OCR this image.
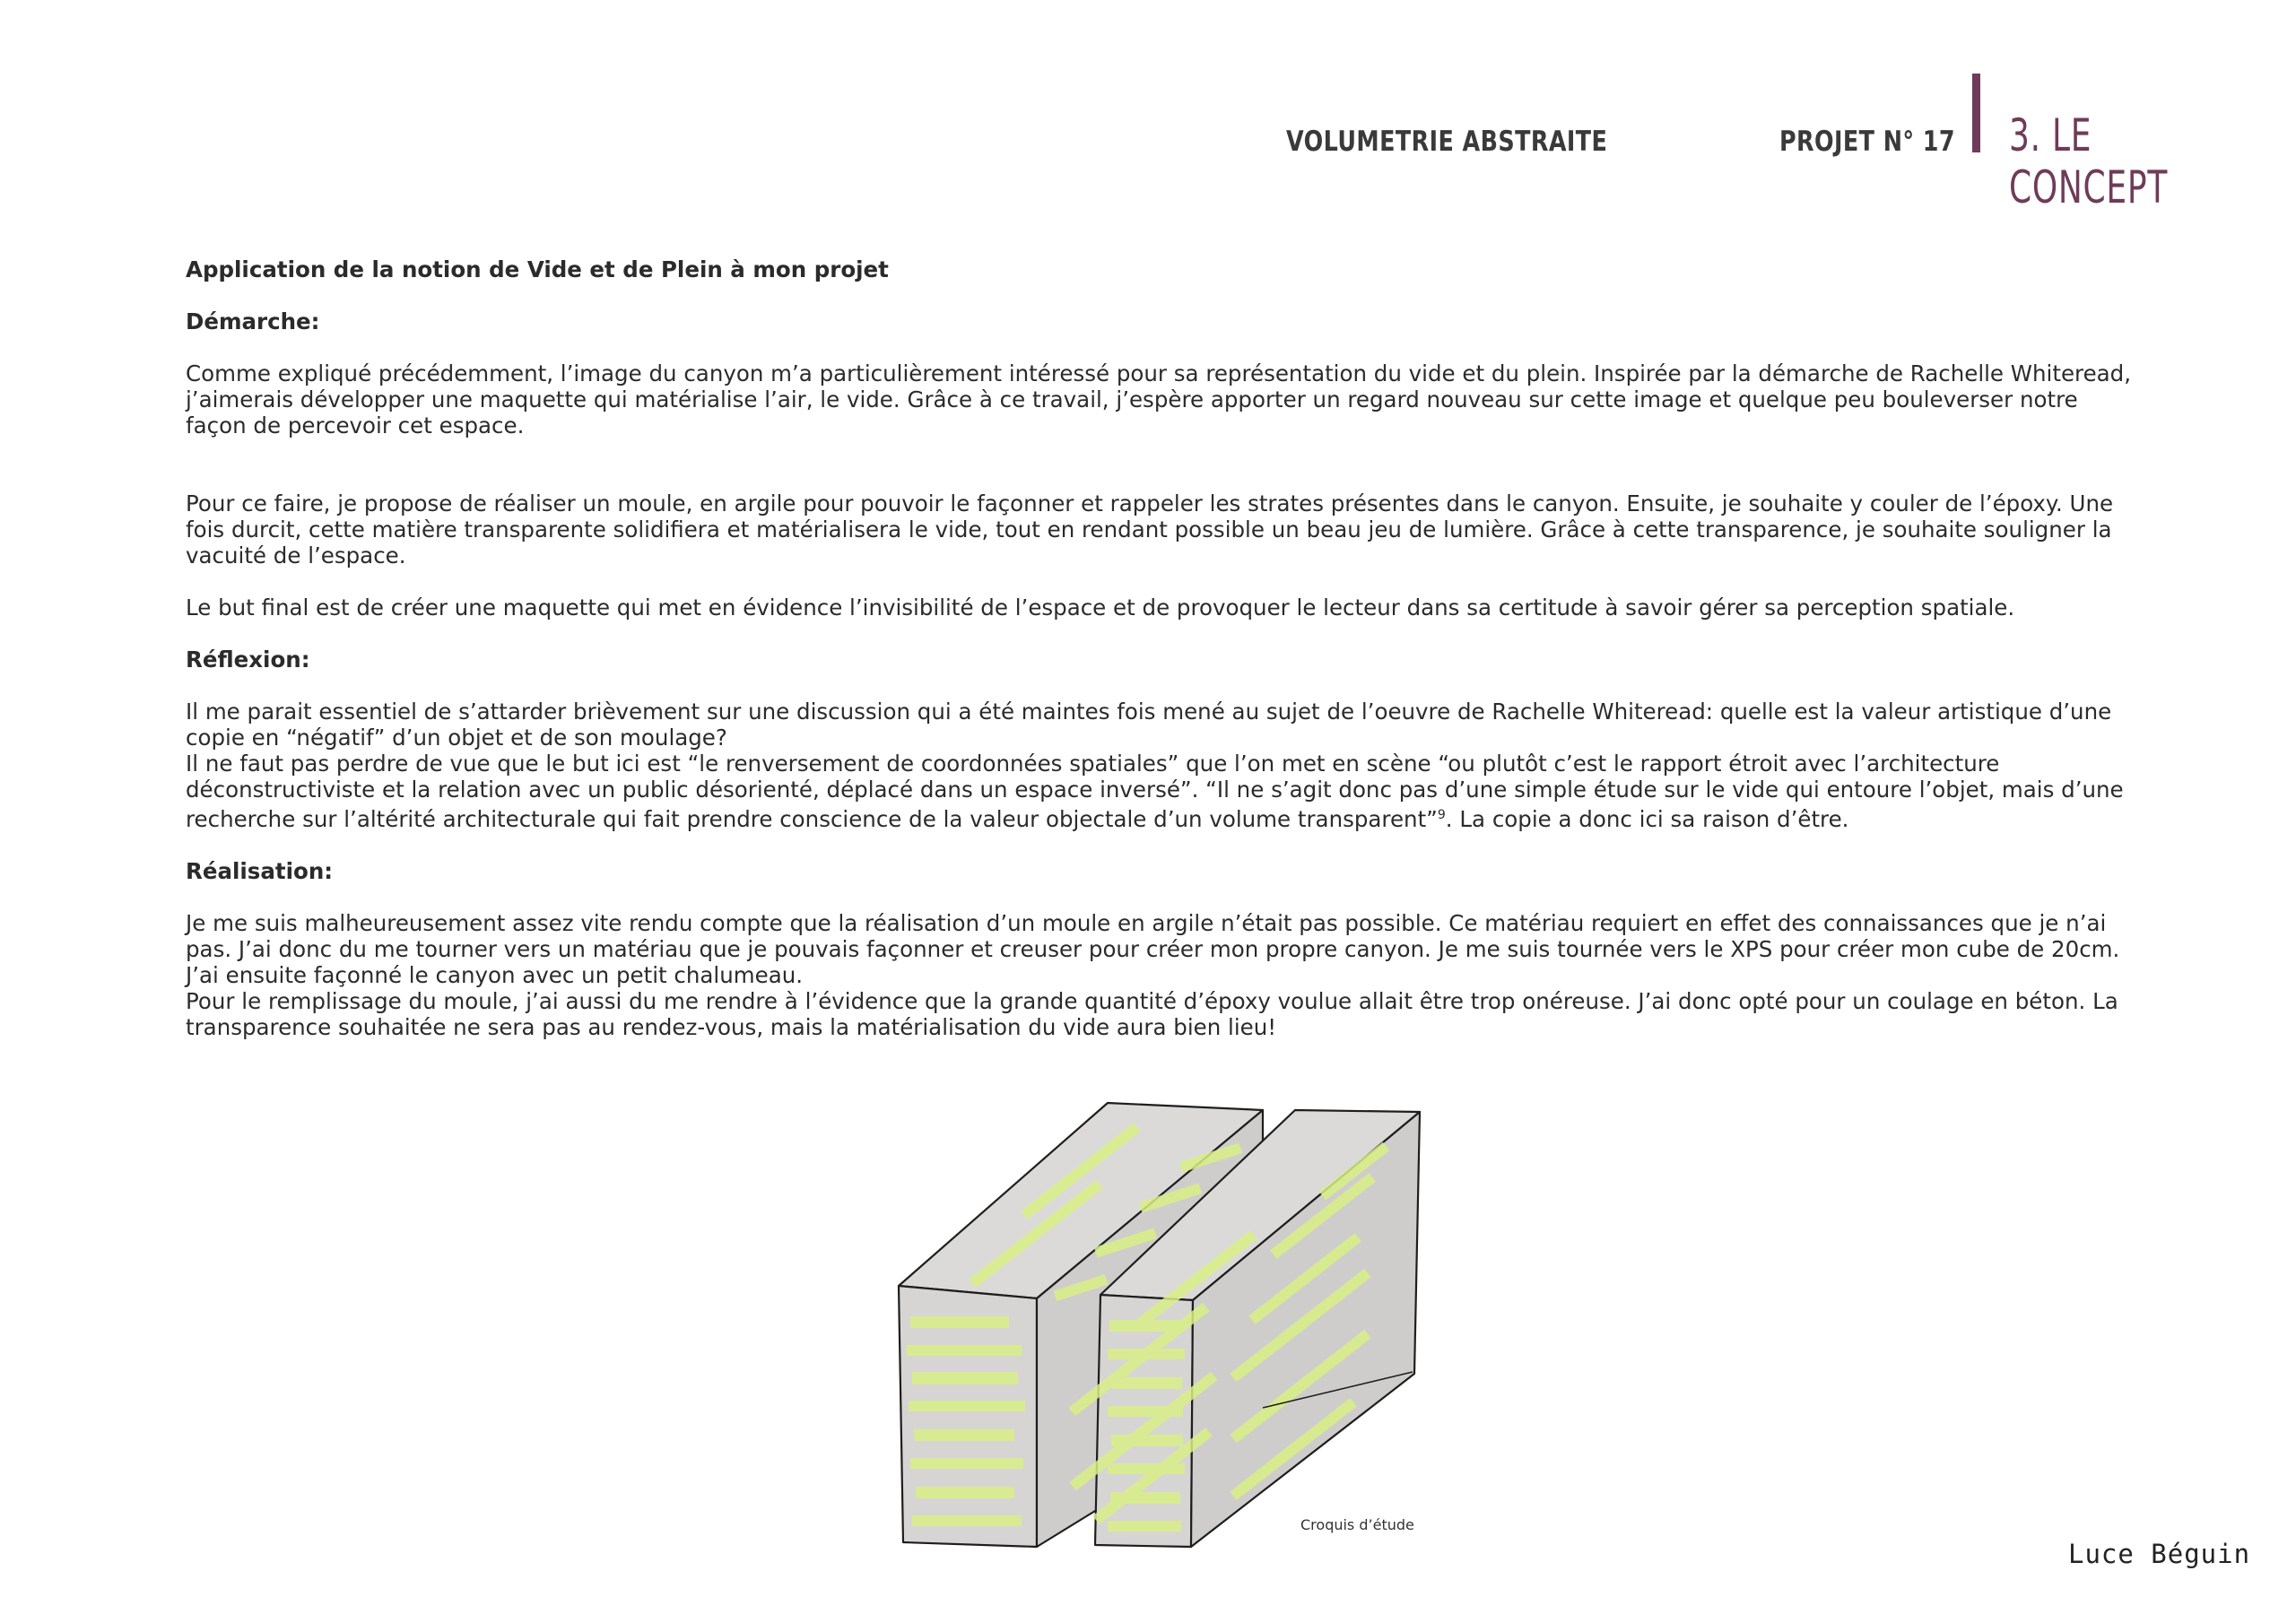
VOLUMETRIE ABSTRAITE	PROJET N° 17 3. LE CONCEPT

Application de la notion de Vide et de Plein à mon projet

Démarche:

Comme expliqué précédemment, l’image du canyon m’a particulièrement intéressé pour sa représentation du vide et du plein. Inspirée par la démarche de Rachelle Whiteread, j’aimerais développer une maquette qui matérialise l’air, le vide. Grâce à ce travail, j’espère apporter un regard nouveau sur cette image et quelque peu bouleverser notre façon de percevoir cet espace.

Pour ce faire, je propose de réaliser un moule, en argile pour pouvoir le façonner et rappeler les strates présentes dans le canyon. Ensuite, je souhaite y couler de l’époxy. Une fois durcit, cette matière transparente solidifiera et matérialisera le vide, tout en rendant possible un beau jeu de lumière. Grâce à cette transparence, je souhaite souligner la vacuité de l’espace.

Le but final est de créer une maquette qui met en évidence l’invisibilité de l’espace et de provoquer le lecteur dans sa certitude à savoir gérer sa perception spatiale.

Réflexion:

Il me parait essentiel de s’attarder brièvement sur une discussion qui a été maintes fois mené au sujet de l’oeuvre de Rachelle Whiteread: quelle est la valeur artistique d’une copie en “négatif” d’un objet et de son moulage?

Il ne faut pas perdre de vue que le but ici est “le renversement de coordonnées spatiales” que l’on met en scène “ou plutôt c’est le rapport étroit avec l’architecture déconstructiviste et la relation avec un public désorienté, déplacé dans un espace inversé”. “Il ne s’agit donc pas d’une simple étude sur le vide qui entoure l’objet, mais d’une recherche sur l’altérité architecturale qui fait prendre conscience de la valeur objectale d’un volume transparent”$^9$. La copie a donc ici sa raison d’être.

Réalisation:

Je me suis malheureusement assez vite rendu compte que la réalisation d’un moule en argile n’était pas possible. Ce matériau requiert en effet des connaissances que je n’ai pas. J’ai donc du me tourner vers un matériau que je pouvais façonner et creuser pour créer mon propre canyon. Je me suis tournée vers le XPS pour créer mon cube de 20cm. J’ai ensuite façonné le canyon avec un petit chalumeau.

Pour le remplissage du moule, j’ai aussi du me rendre à l’évidence que la grande quantité d’époxy voulue allait être trop onéreuse. J’ai donc opté pour un coulage en béton. La transparence souhaitée ne sera pas au rendez-vous, mais la matérialisation du vide aura bien lieu!

Croquis d’étude
Luce Béguin
